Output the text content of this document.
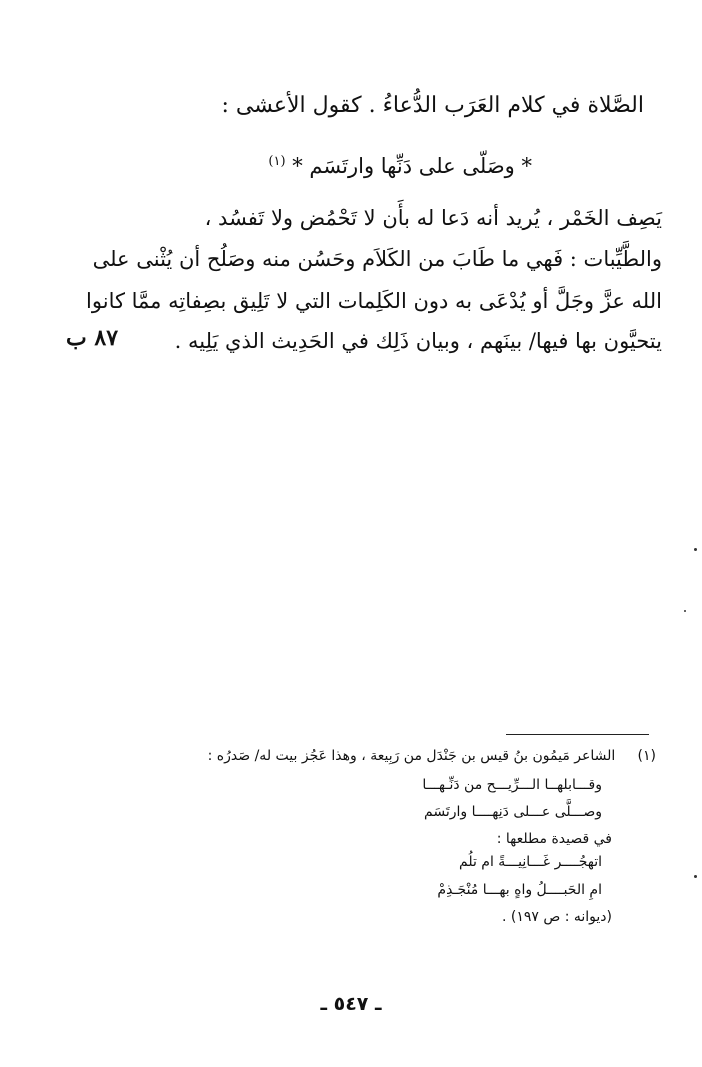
الصَّلاة في كلام العَرَب الدُّعاءُ . كقول الأعشى :
* وصَلّى على دَنِّها وارتَسَم * $^{(١)}$
يَصِف الخَمْر ، يُريد أنه دَعا له بأَن لا تَحْمُض ولا تَفسُد ،
والطَّيِّبات : فَهي ما طَابَ من الكَلاَم وحَسُن منه وصَلُح أن يُثْنى على
الله عزَّ وجَلَّ أو يُدْعَى به دون الكَلِمات التي لا تَلِيق بصِفاتِه ممَّا كانوا
يتحيَّون بها فيها/ بينَهم ، وبيان ذَلِك في الحَدِيث الذي يَلِيه .
٨٧ ب
(١)     الشاعر مَيمُون بنُ قيس بن جَنْدَل من رَبِيعة ، وهذا عَجُز بيت له/ صَدرُه :
وقـــابلهــا الـــرِّيـــح من دَنِّـهـــا
وصـــلَّى عـــلى دَنِهــــا وارتَسَم
في قصيدة مطلعها :
اتهجُــــر غَـــانِيـــةً ام تلُم
امِ الحَبــــلُ واهٍ بهـــا مُنْجَـذِمْ
(ديوانه : ص ١٩٧) .
ـ ٥٤٧ ـ
